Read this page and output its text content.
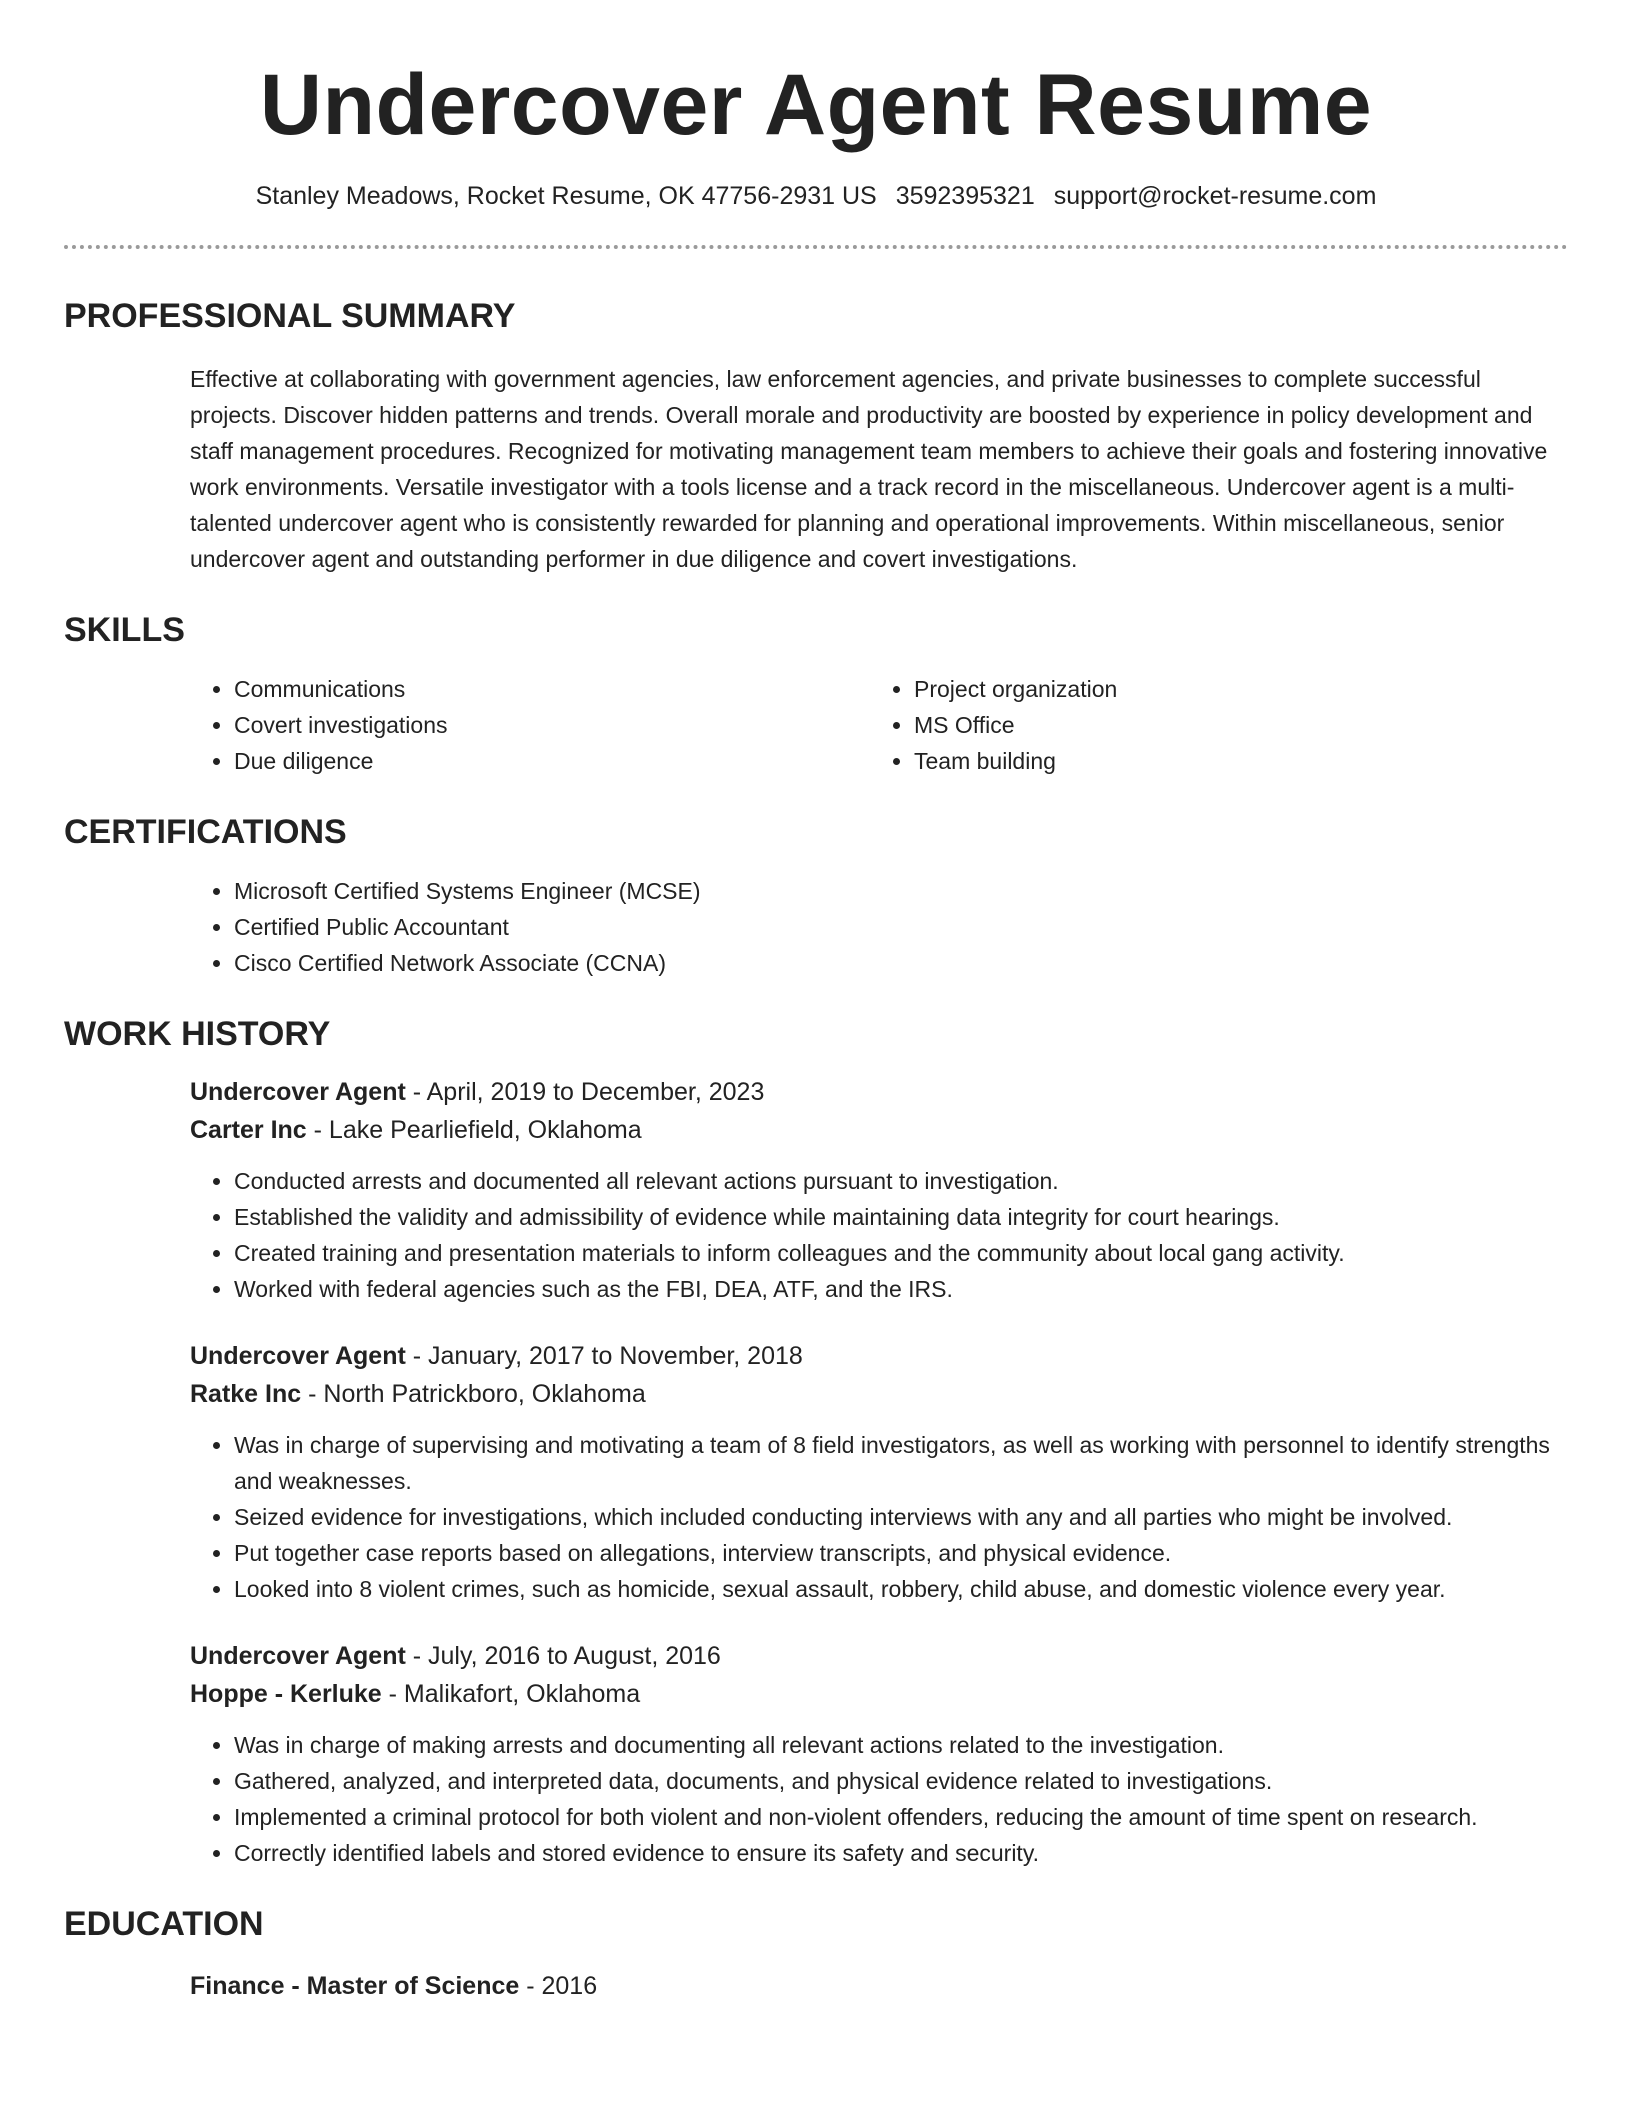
Undercover Agent Resume
Stanley Meadows, Rocket Resume, OK 47756-2931 US 3592395321 support@rocket-resume.com
PROFESSIONAL SUMMARY
Effective at collaborating with government agencies, law enforcement agencies, and private businesses to complete successful projects. Discover hidden patterns and trends. Overall morale and productivity are boosted by experience in policy development and staff management procedures. Recognized for motivating management team members to achieve their goals and fostering innovative work environments. Versatile investigator with a tools license and a track record in the miscellaneous. Undercover agent is a multi-talented undercover agent who is consistently rewarded for planning and operational improvements. Within miscellaneous, senior undercover agent and outstanding performer in due diligence and covert investigations.
SKILLS
• Communications
• Covert investigations
• Due diligence
• Project organization
• MS Office
• Team building
CERTIFICATIONS
• Microsoft Certified Systems Engineer (MCSE)
• Certified Public Accountant
• Cisco Certified Network Associate (CCNA)
WORK HISTORY
Undercover Agent - April, 2019 to December, 2023
Carter Inc - Lake Pearliefield, Oklahoma
• Conducted arrests and documented all relevant actions pursuant to investigation.
• Established the validity and admissibility of evidence while maintaining data integrity for court hearings.
• Created training and presentation materials to inform colleagues and the community about local gang activity.
• Worked with federal agencies such as the FBI, DEA, ATF, and the IRS.
Undercover Agent - January, 2017 to November, 2018
Ratke Inc - North Patrickboro, Oklahoma
• Was in charge of supervising and motivating a team of 8 field investigators, as well as working with personnel to identify strengths and weaknesses.
• Seized evidence for investigations, which included conducting interviews with any and all parties who might be involved.
• Put together case reports based on allegations, interview transcripts, and physical evidence.
• Looked into 8 violent crimes, such as homicide, sexual assault, robbery, child abuse, and domestic violence every year.
Undercover Agent - July, 2016 to August, 2016
Hoppe - Kerluke - Malikafort, Oklahoma
• Was in charge of making arrests and documenting all relevant actions related to the investigation.
• Gathered, analyzed, and interpreted data, documents, and physical evidence related to investigations.
• Implemented a criminal protocol for both violent and non-violent offenders, reducing the amount of time spent on research.
• Correctly identified labels and stored evidence to ensure its safety and security.
EDUCATION
Finance - Master of Science - 2016
